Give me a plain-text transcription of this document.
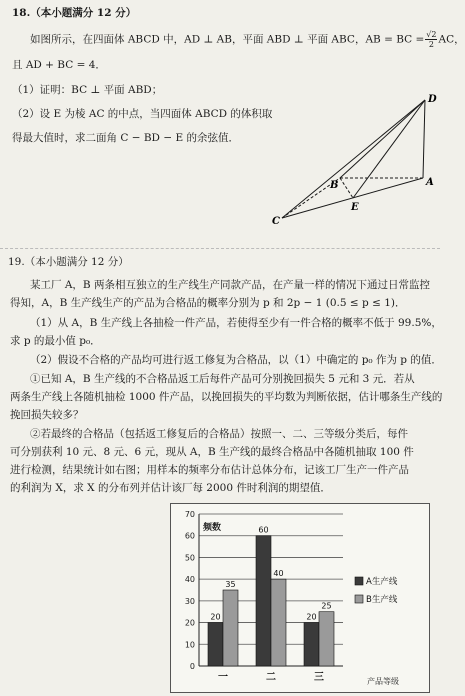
18.（本小题满分 12 分）
如图所示，在四面体 ABCD 中，AD ⊥ AB，平面 ABD ⊥ 平面 ABC，AB = BC = $\frac{√2}{2}$ AC，
且 AD + BC = 4．
（1）证明：BC ⊥ 平面 ABD；
（2）设 E 为棱 AC 的中点，当四面体 ABCD 的体积取
得最大值时，求二面角 C − BD − E 的余弦值．
D
A
B
C
E
19.（本小题满分 12 分）
某工厂 A，B 两条相互独立的生产线生产同款产品，在产量一样的情况下通过日常监控
得知，A，B 生产线生产的产品为合格品的概率分别为 p 和 2p − 1 (0.5 ≤ p ≤ 1)．
（1）从 A，B 生产线上各抽检一件产品，若使得至少有一件合格的概率不低于 99.5%，
求 p 的最小值 p₀．
（2）假设不合格的产品均可进行返工修复为合格品，以（1）中确定的 p₀ 作为 p 的值．
①已知 A，B 生产线的不合格品返工后每件产品可分别挽回损失 5 元和 3 元．若从
两条生产线上各随机抽检 1000 件产品，以挽回损失的平均数为判断依据，估计哪条生产线的
挽回损失较多？
②若最终的合格品（包括返工修复后的合格品）按照一、二、三等级分类后，每件
可分别获利 10 元、8 元、6 元，现从 A，B 生产线的最终合格品中各随机抽取 100 件
进行检测，结果统计如右图；用样本的频率分布估计总体分布，记该工厂生产一件产品
的利润为 X，求 X 的分布列并估计该厂每 2000 件时利润的期望值．
0
10
20
30
40
50
60
70
频数
20
35
一
60
40
二
20
25
三	产品等级
A生产线
B生产线
